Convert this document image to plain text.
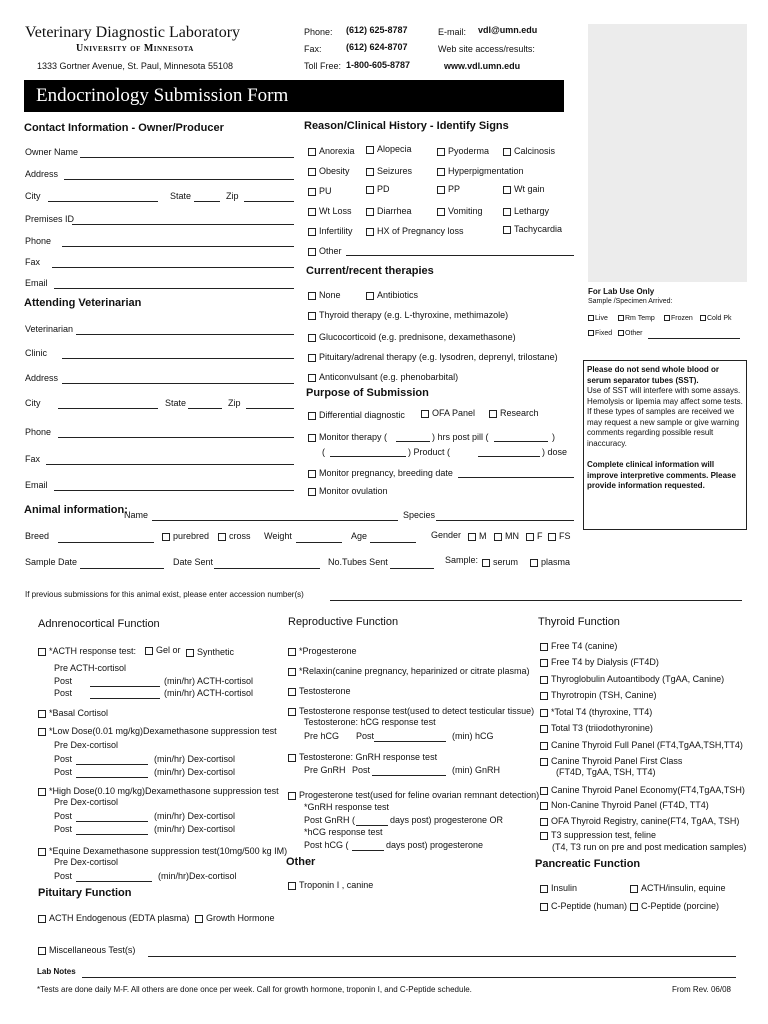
Veterinary Diagnostic Laboratory
University of Minnesota
1333 Gortner Avenue, St. Paul, Minnesota 55108
Phone: (612) 625-8787
Fax:	(612) 624-8707
Toll Free: 1-800-605-8787
E-mail: vdl@umn.edu
Web site access/results:
www.vdl.umn.edu
Endocrinology Submission Form
Contact Information - Owner/Producer
Owner Name
Address
City	State	Zip
Premises ID
Phone
Fax
Email
Attending Veterinarian
Veterinarian
Clinic
Address
City	State	Zip
Phone
Fax
Email
Reason/Clinical History - Identify Signs
Anorexia	Alopecia	Pyoderma	Calcinosis
Obesity	Seizures	Hyperpigmentation
PU	PD	PP	Wt gain
Wt Loss	Diarrhea	Vomiting	Lethargy
Infertility	HX of Pregnancy loss	Tachycardia
Other
Current/recent therapies
None	Antibiotics
Thyroid therapy (e.g. L-thyroxine, methimazole)
Glucocorticoid (e.g. prednisone, dexamethasone)
Pituitary/adrenal therapy (e.g. lysodren, deprenyl, trilostane)
Anticonvulsant (e.g. phenobarbital)
Purpose of Submission
Differential diagnostic	OFA Panel	Research
Monitor therapy (	) hrs post pill (	)
(	) Product (	) dose
Monitor pregnancy, breeding date
Monitor ovulation
For Lab Use Only
Sample /Specimen Arrived:
Live	Rm Temp	Frozen	Cold Pk
Fixed	Other
Please do not send whole blood or serum separator tubes (SST).
Use of SST will interfere with some assays. Hemolysis or lipemia may affect some tests. If these types of samples are received we may request a new sample or give warning comments regarding possible result inaccuracy.
Complete clinical information will improve interpretive comments. Please provide information requested.
Animal information:
Name	Species
Breed	purebred	cross Weight	Age	Gender	M	MN	F	FS
Sample Date	Date Sent	No.Tubes Sent	Sample:	serum	plasma
If previous submissions for this animal exist, please enter accession number(s)
Adnrenocortical Function
*ACTH response test:	Gel or	Synthetic
Pre ACTH-cortisol
Post	(min/hr) ACTH-cortisol
Post	(min/hr) ACTH-cortisol
*Basal Cortisol
*Low Dose(0.01 mg/kg)Dexamethasone suppression test
Pre Dex-cortisol
Post	(min/hr) Dex-cortisol
Post	(min/hr) Dex-cortisol
*High Dose(0.10 mg/kg)Dexamethasone suppression test
Pre Dex-cortisol
Post	(min/hr) Dex-cortisol
Post	(min/hr) Dex-cortisol
*Equine Dexamethasone suppression test(10mg/500 kg IM)
Pre Dex-cortisol
Post	(min/hr)Dex-cortisol
Pituitary Function
ACTH Endogenous (EDTA plasma)	Growth Hormone
Reproductive Function
*Progesterone
*Relaxin(canine pregnancy, heparinized or citrate plasma)
Testosterone
Testosterone response test(used to detect testicular tissue)
Testosterone: hCG response test
Pre hCG Post	(min) hCG
Testosterone: GnRH response test
Pre GnRH Post	(min) GnRH
Progesterone test(used for feline ovarian remnant detection)
*GnRH response test
Post GnRH (	days post) progesterone OR
*hCG response test
Post hCG (	days post) progesterone
Other
Troponin I , canine
Thyroid Function
Free T4 (canine)
Free T4 by Dialysis (FT4D)
Thyroglobulin Autoantibody (TgAA, Canine)
Thyrotropin (TSH, Canine)
*Total T4 (thyroxine, TT4)
Total T3 (triiodothyronine)
Canine Thyroid Full Panel (FT4,TgAA,TSH,TT4)
Canine Thyroid Panel First Class
(FT4D, TgAA, TSH, TT4)
Canine Thyroid Panel Economy(FT4,TgAA,TSH)
Non-Canine Thyroid Panel (FT4D, TT4)
OFA Thyroid Registry, canine(FT4, TgAA, TSH)
T3 suppression test, feline
(T4, T3 run on pre and post medication samples)
Pancreatic Function
Insulin	ACTH/insulin, equine
C-Peptide (human)	C-Peptide (porcine)
Miscellaneous Test(s)
Lab Notes
*Tests are done daily M-F. All others are done once per week. Call for growth hormone, troponin I, and C-Peptide schedule.	From Rev. 06/08
